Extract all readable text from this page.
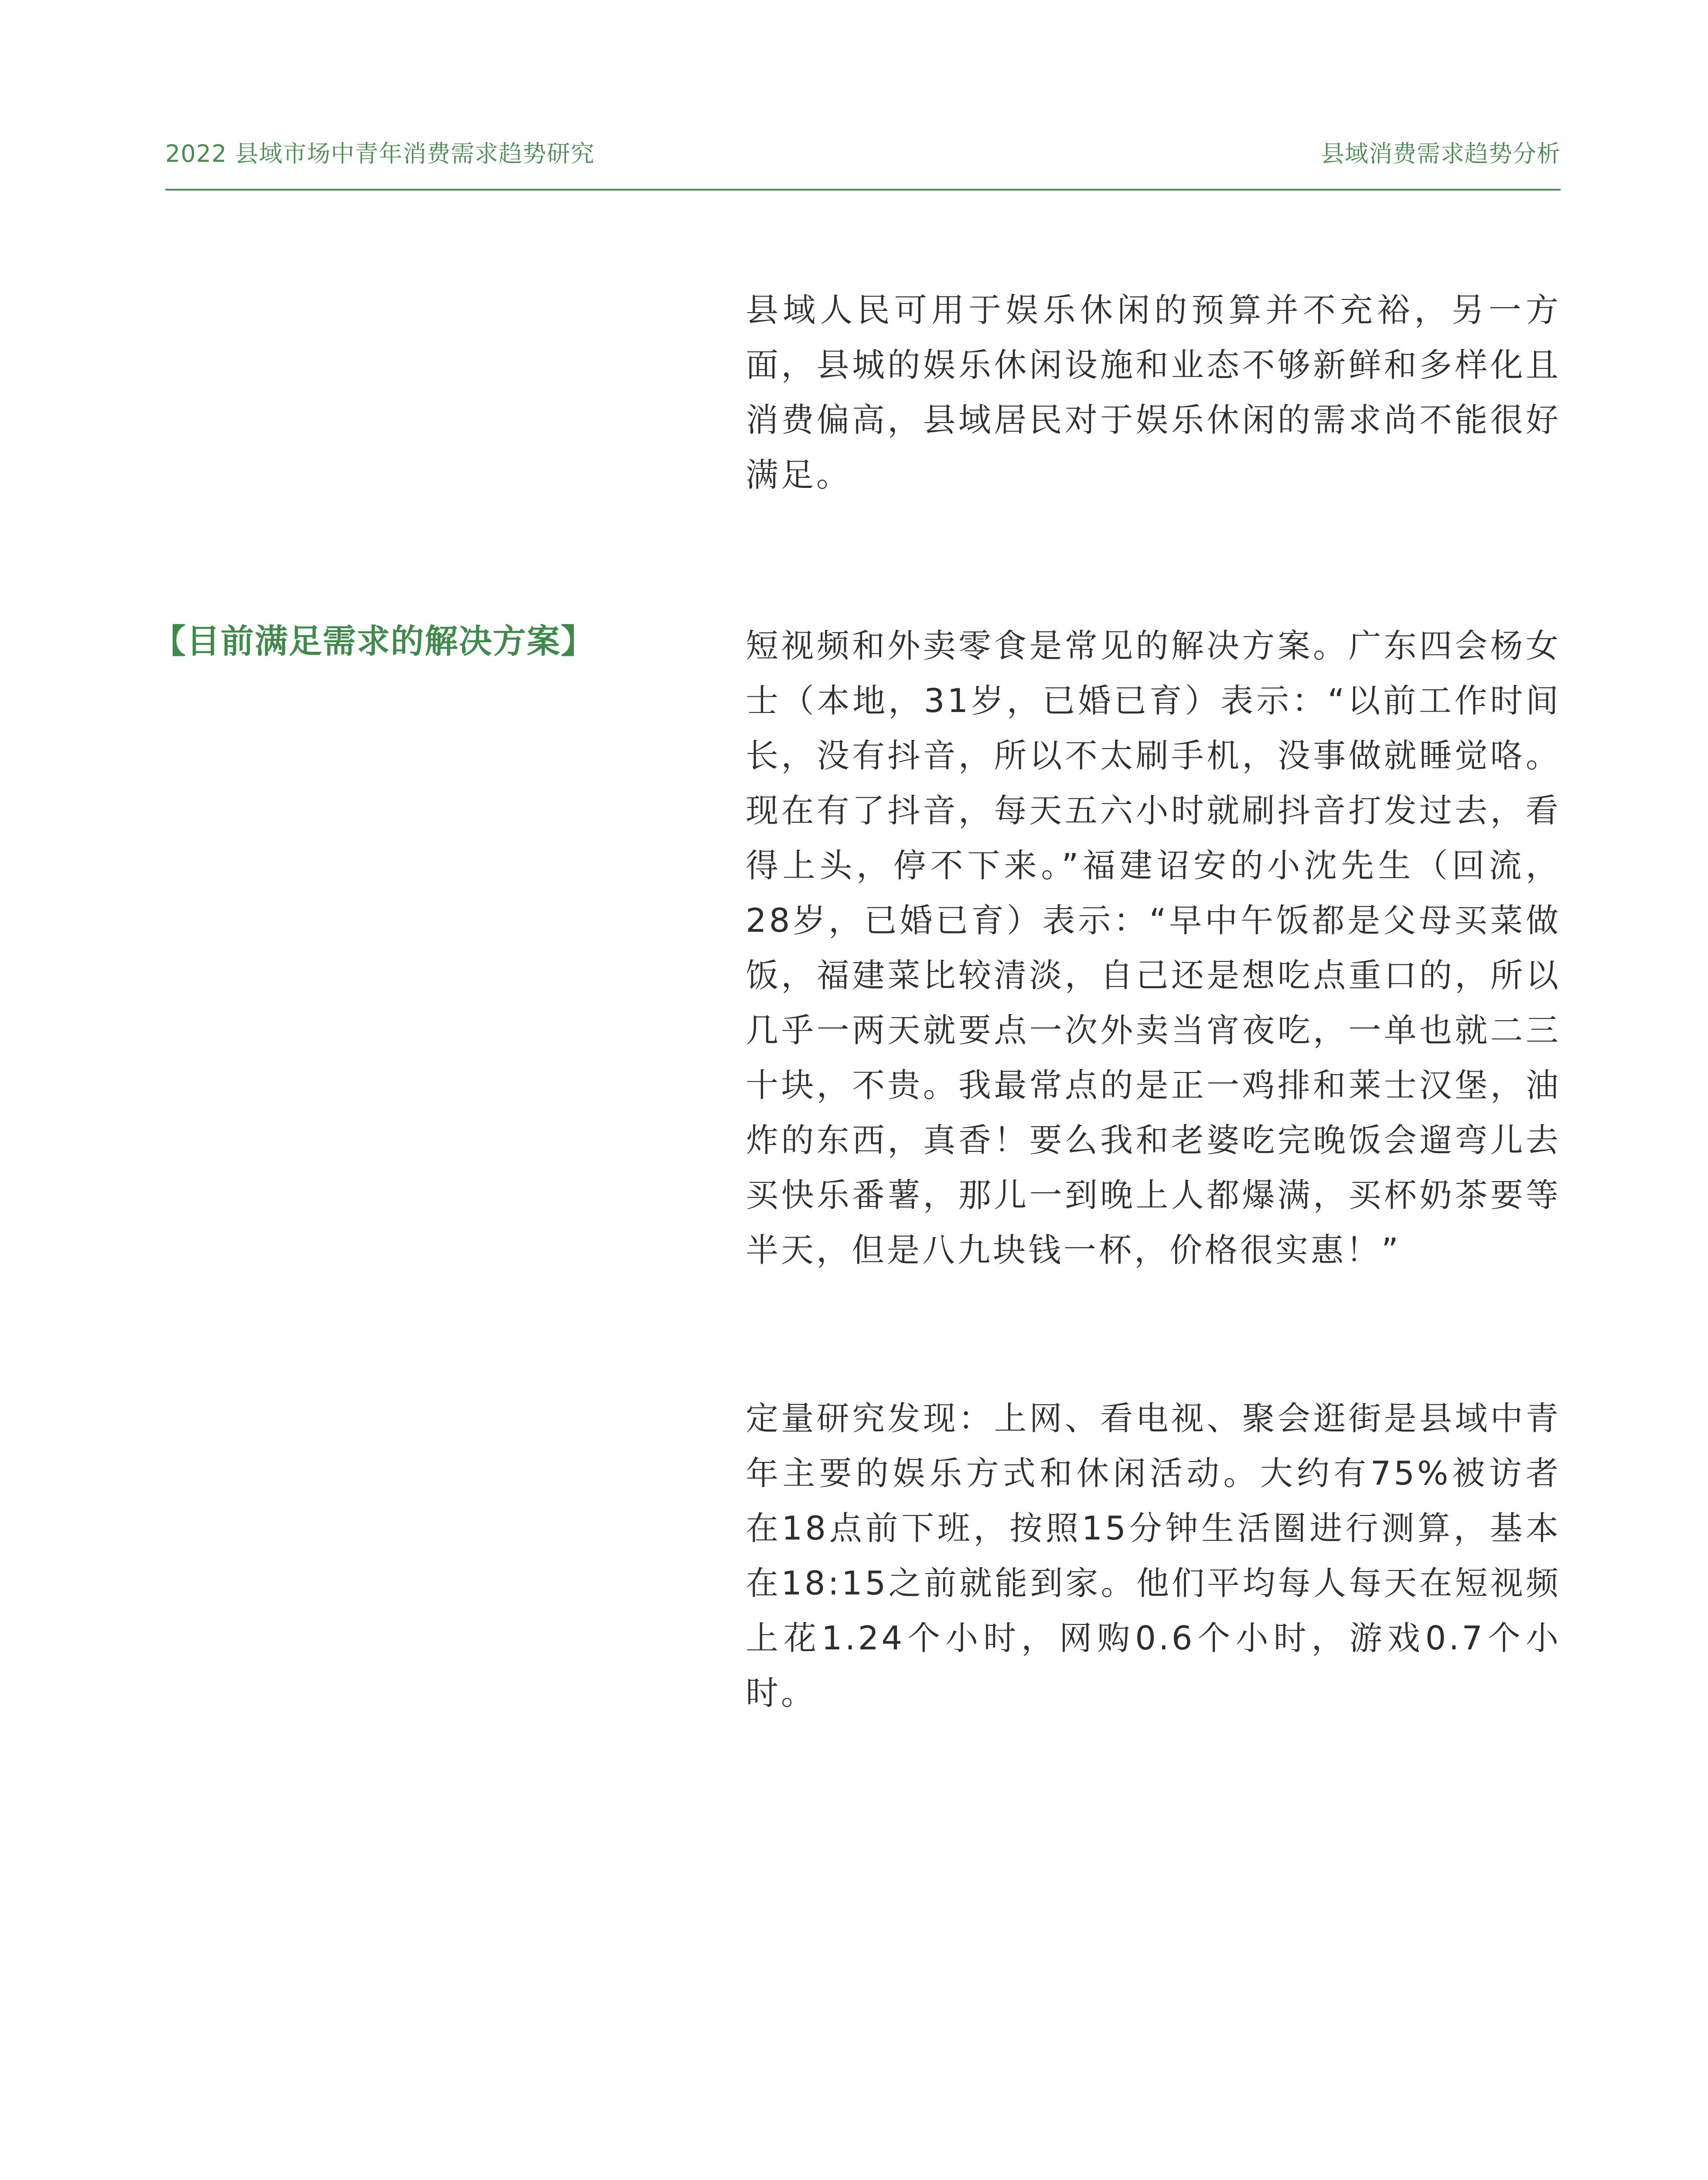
2022 县域市场中青年消费需求趋势研究	县域消费需求趋势分析

县域人民可用于娱乐休闲的预算并不充裕，另一方面，县城的娱乐休闲设施和业态不够新鲜和多样化且消费偏高，县域居民对于娱乐休闲的需求尚不能很好满足。

【目前满足需求的解决方案】	短视频和外卖零食是常见的解决方案。广东四会杨女士（本地，31岁，已婚已育）表示：“以前工作时间长，没有抖音，所以不太刷手机，没事做就睡觉咯。现在有了抖音，每天五六小时就刷抖音打发过去，看得上头，停不下来。”福建诏安的小沈先生（回流，28岁，已婚已育）表示：“早中午饭都是父母买菜做饭，福建菜比较清淡，自己还是想吃点重口的，所以几乎一两天就要点一次外卖当宵夜吃，一单也就二三十块，不贵。我最常点的是正一鸡排和莱士汉堡，油炸的东西，真香！要么我和老婆吃完晚饭会遛弯儿去买快乐番薯，那儿一到晚上人都爆满，买杯奶茶要等半天，但是八九块钱一杯，价格很实惠！”

定量研究发现：上网、看电视、聚会逛街是县域中青年主要的娱乐方式和休闲活动。大约有75%被访者在18点前下班，按照15分钟生活圈进行测算，基本在18:15之前就能到家。他们平均每人每天在短视频上花1.24个小时，网购0.6个小时，游戏0.7个小时。
